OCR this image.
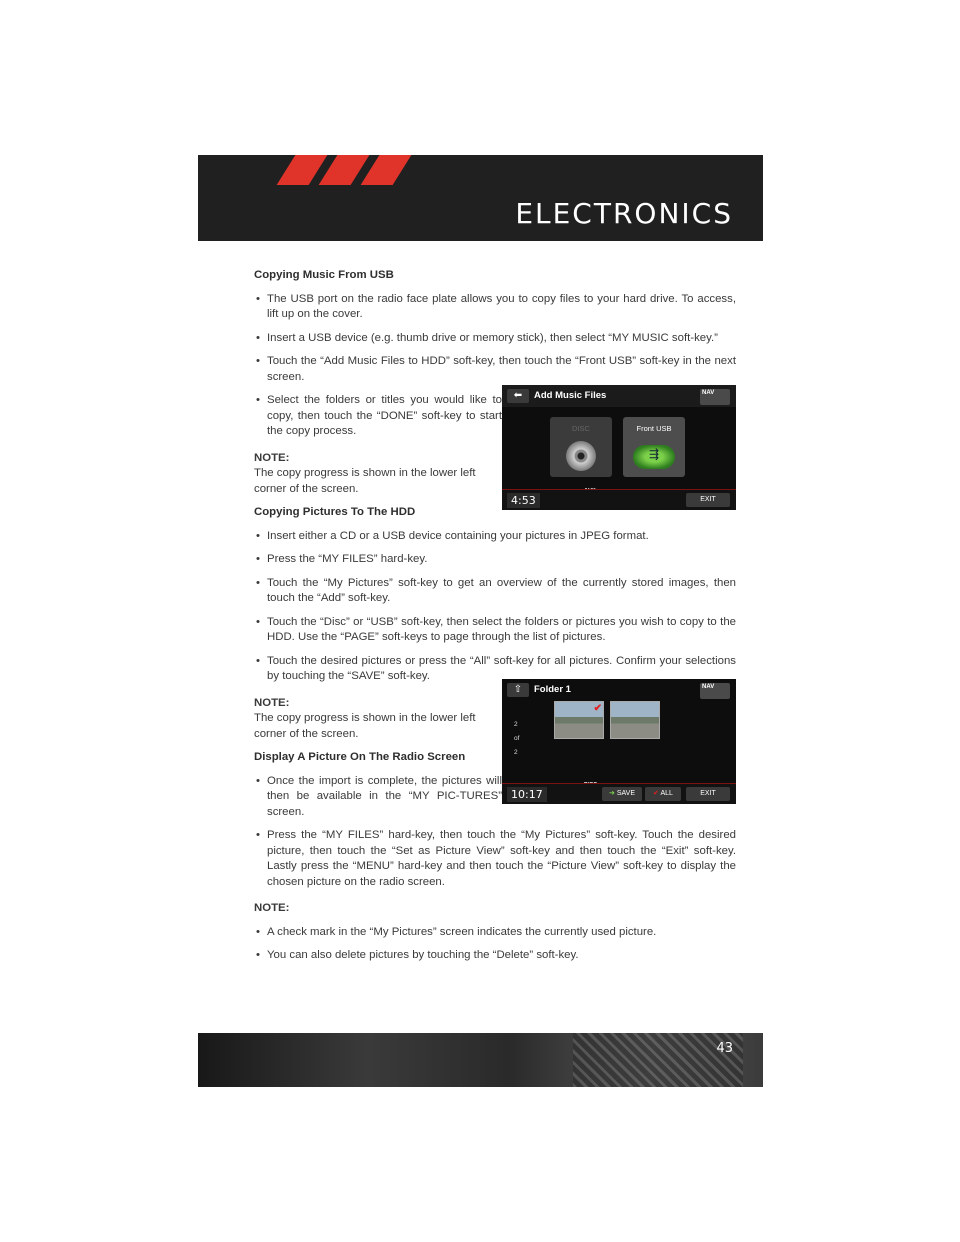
ELECTRONICS

Copying Music From USB

• The USB port on the radio face plate allows you to copy files to your hard drive. To access, lift up on the cover.

• Insert a USB device (e.g. thumb drive or memory stick), then select “MY MUSIC soft-key.”

• Touch the “Add Music Files to HDD” soft-key, then touch the “Front USB” soft-key in the next screen.

• Select the folders or titles you would like to copy, then touch the “DONE” soft-key to start the copy process.

NOTE:

The copy progress is shown in the lower left corner of the screen.

Copying Pictures To The HDD

• Insert either a CD or a USB device containing your pictures in JPEG format.

• Press the “MY FILES” hard-key.

• Touch the “My Pictures” soft-key to get an overview of the currently stored images, then touch the “Add” soft-key.

• Touch the “Disc” or “USB” soft-key, then select the folders or pictures you wish to copy to the HDD. Use the “PAGE” soft-keys to page through the list of pictures.

• Touch the desired pictures or press the “All” soft-key for all pictures. Confirm your selections by touching the “SAVE” soft-key.

NOTE:

The copy progress is shown in the lower left corner of the screen.

Display A Picture On The Radio Screen

• Once the import is complete, the pictures will then be available in the “MY PIC-TURES” screen.

• Press the “MY FILES” hard-key, then touch the “My Pictures” soft-key. Touch the desired picture, then touch the “Set as Picture View” soft-key and then touch the “Exit” soft-key. Lastly press the “MENU” hard-key and then touch the “Picture View” soft-key to display the chosen picture on the radio screen.

NOTE:

• A check mark in the “My Pictures” screen indicates the currently used picture.

• You can also delete pictures by touching the “Delete” soft-key.

⬅	Add Music Files	NAV
DISC	Front USB
⇶
4:53	EXIT
⇧	Folder 1	NAV
2
of
2
✔
10:17	➜ SAVE	✔ ALL	EXIT
43
